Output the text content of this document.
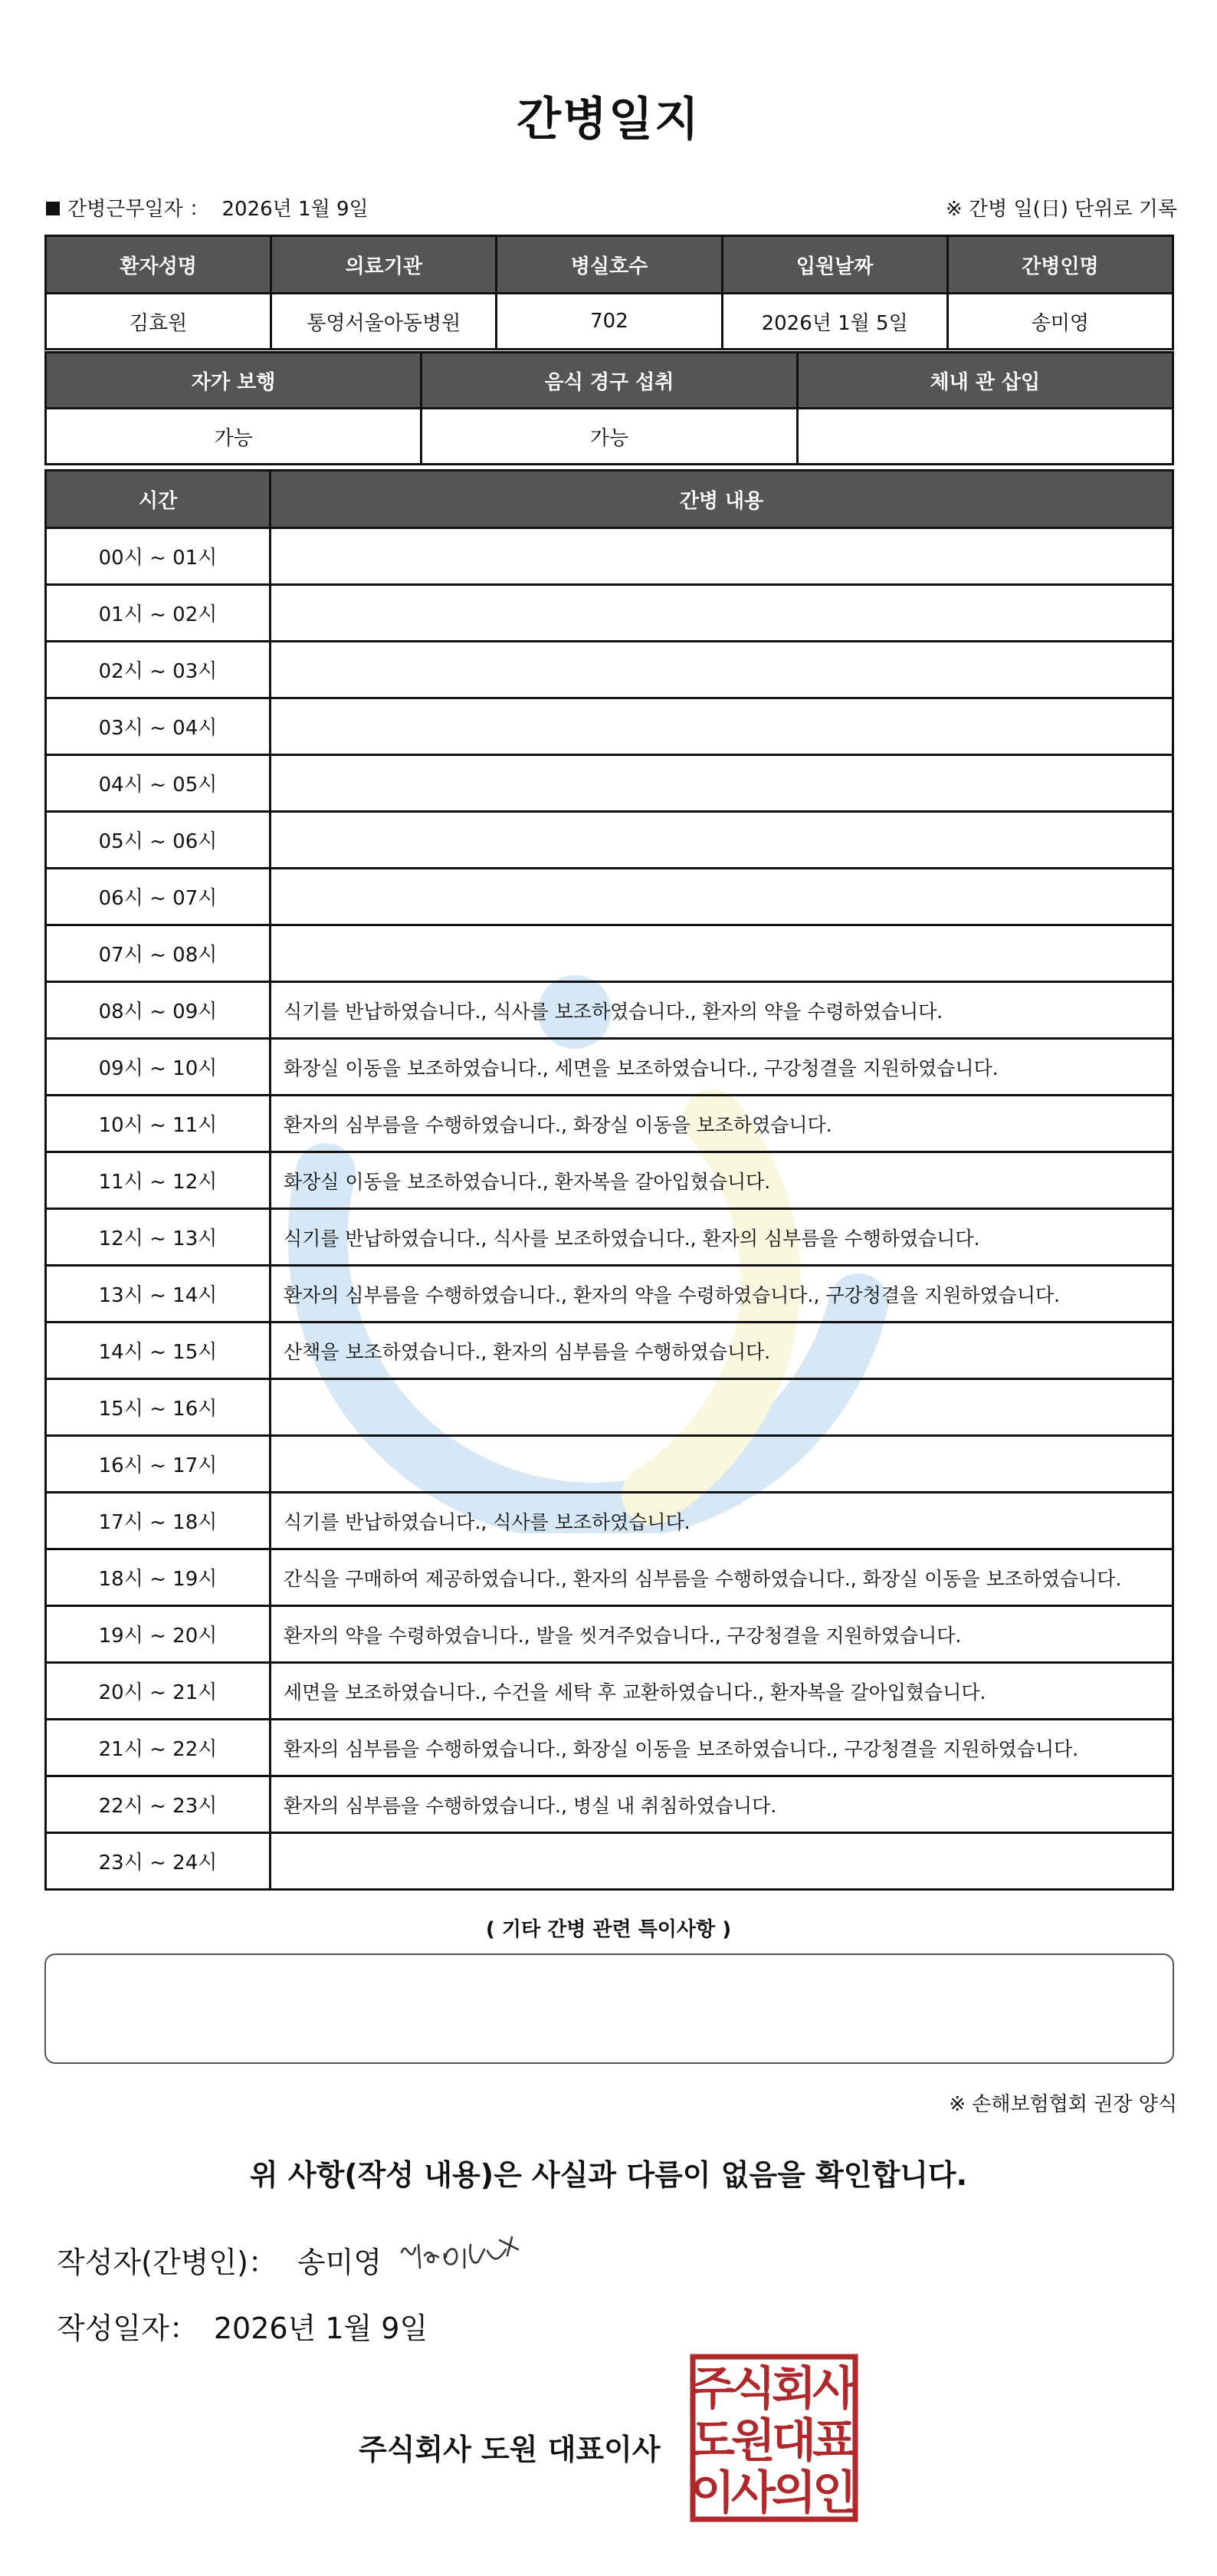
간병일지
간병근무일자 ： 2026년 1월 9일	※ 간병 일(日) 단위로 기록
환자성명	의료기관	병실호수	입원날짜	간병인명
김효원	통영서울아동병원	702	2026년 1월 5일	송미영
자가 보행	음식 경구 섭취	체내 관 삽입
가능	가능	
시간	간병 내용
00시 ~ 01시	
01시 ~ 02시	
02시 ~ 03시	
03시 ~ 04시	
04시 ~ 05시	
05시 ~ 06시	
06시 ~ 07시	
07시 ~ 08시	
08시 ~ 09시	식기를 반납하였습니다., 식사를 보조하였습니다., 환자의 약을 수령하였습니다.
09시 ~ 10시	화장실 이동을 보조하였습니다., 세면을 보조하였습니다., 구강청결을 지원하였습니다.
10시 ~ 11시	환자의 심부름을 수행하였습니다., 화장실 이동을 보조하였습니다.
11시 ~ 12시	화장실 이동을 보조하였습니다., 환자복을 갈아입혔습니다.
12시 ~ 13시	식기를 반납하였습니다., 식사를 보조하였습니다., 환자의 심부름을 수행하였습니다.
13시 ~ 14시	환자의 심부름을 수행하였습니다., 환자의 약을 수령하였습니다., 구강청결을 지원하였습니다.
14시 ~ 15시	산책을 보조하였습니다., 환자의 심부름을 수행하였습니다.
15시 ~ 16시	
16시 ~ 17시	
17시 ~ 18시	식기를 반납하였습니다., 식사를 보조하였습니다.
18시 ~ 19시	간식을 구매하여 제공하였습니다., 환자의 심부름을 수행하였습니다., 화장실 이동을 보조하였습니다.
19시 ~ 20시	환자의 약을 수령하였습니다., 발을 씻겨주었습니다., 구강청결을 지원하였습니다.
20시 ~ 21시	세면을 보조하였습니다., 수건을 세탁 후 교환하였습니다., 환자복을 갈아입혔습니다.
21시 ~ 22시	환자의 심부름을 수행하였습니다., 화장실 이동을 보조하였습니다., 구강청결을 지원하였습니다.
22시 ~ 23시	환자의 심부름을 수행하였습니다., 병실 내 취침하였습니다.
23시 ~ 24시	
( 기타 간병 관련 특이사항 )
※ 손해보험협회 권장 양식
위 사항(작성 내용)은 사실과 다름이 없음을 확인합니다.
작성자(간병인)： 송미영
작성일자： 2026년 1월 9일
주식회사 도원 대표이사
주
식
회
사
도
원
대
표
이
사
의
인
